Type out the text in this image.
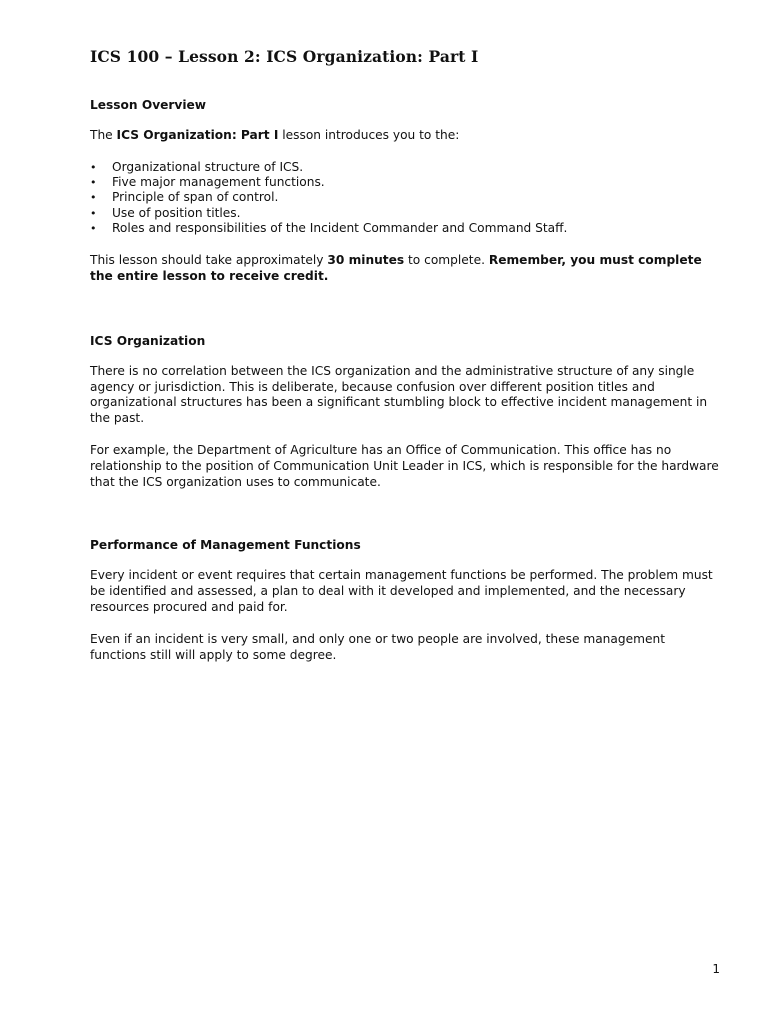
ICS 100 – Lesson 2: ICS Organization: Part I
Lesson Overview

The ICS Organization: Part I lesson introduces you to the:

• Organizational structure of ICS.
• Five major management functions.
• Principle of span of control.
• Use of position titles.
• Roles and responsibilities of the Incident Commander and Command Staff.

This lesson should take approximately 30 minutes to complete. Remember, you must complete the entire lesson to receive credit.

ICS Organization

There is no correlation between the ICS organization and the administrative structure of any single agency or jurisdiction. This is deliberate, because confusion over different position titles and organizational structures has been a significant stumbling block to effective incident management in the past.

For example, the Department of Agriculture has an Office of Communication. This office has no relationship to the position of Communication Unit Leader in ICS, which is responsible for the hardware that the ICS organization uses to communicate.

Performance of Management Functions

Every incident or event requires that certain management functions be performed. The problem must be identified and assessed, a plan to deal with it developed and implemented, and the necessary resources procured and paid for.

Even if an incident is very small, and only one or two people are involved, these management functions still will apply to some degree.

1
